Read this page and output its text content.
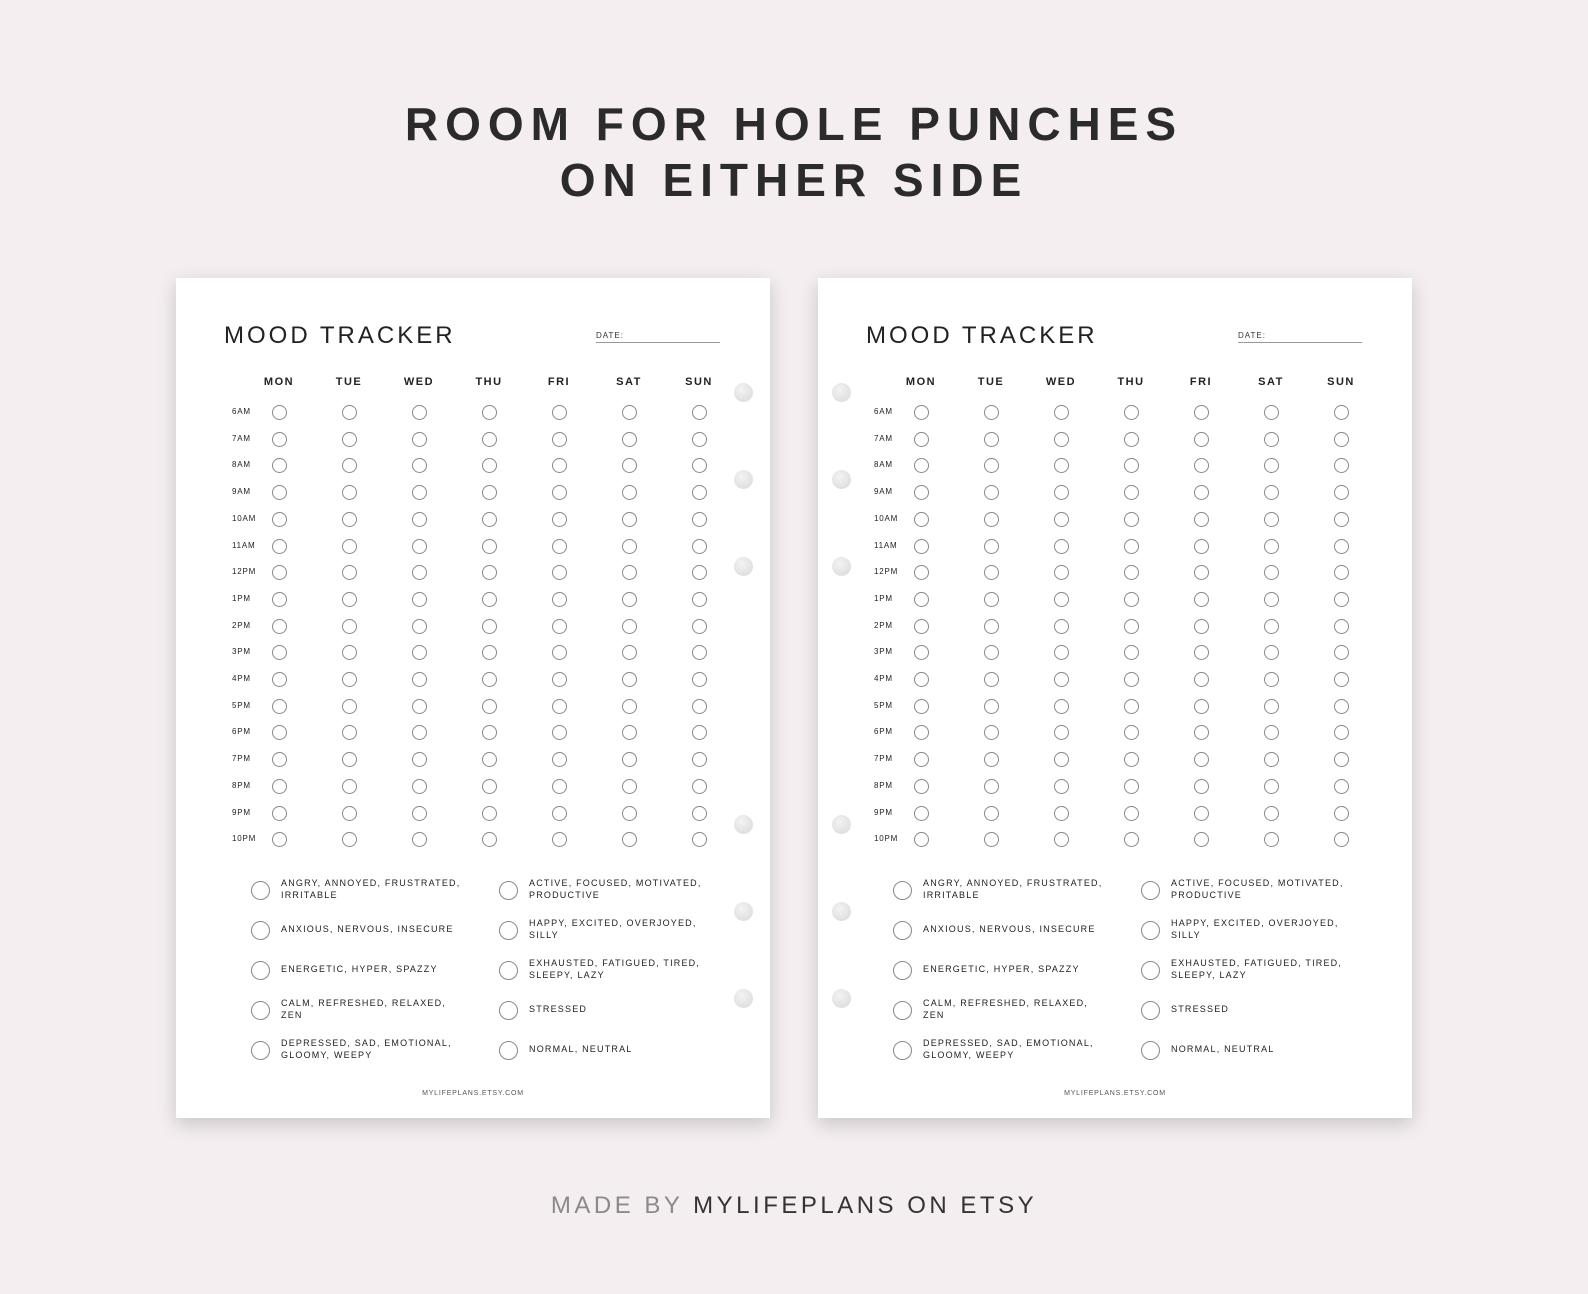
ROOM FOR HOLE PUNCHES
ON EITHER SIDE
MOOD TRACKER	DATE:
MON	TUE	WED	THU	FRI	SAT	SUN
6AM
7AM
8AM
9AM
10AM
11AM
12PM
1PM
2PM
3PM
4PM
5PM
6PM
7PM
8PM
9PM
10PM
ANGRY, ANNOYED, FRUSTRATED, IRRITABLE
ANXIOUS, NERVOUS, INSECURE
ENERGETIC, HYPER, SPAZZY
CALM, REFRESHED, RELAXED, ZEN
DEPRESSED, SAD, EMOTIONAL, GLOOMY, WEEPY
ACTIVE, FOCUSED, MOTIVATED, PRODUCTIVE
HAPPY, EXCITED, OVERJOYED, SILLY
EXHAUSTED, FATIGUED, TIRED, SLEEPY, LAZY
STRESSED
NORMAL, NEUTRAL
MYLIFEPLANS.ETSY.COM
MOOD TRACKER	DATE:
MON	TUE	WED	THU	FRI	SAT	SUN
6AM
7AM
8AM
9AM
10AM
11AM
12PM
1PM
2PM
3PM
4PM
5PM
6PM
7PM
8PM
9PM
10PM
ANGRY, ANNOYED, FRUSTRATED, IRRITABLE
ANXIOUS, NERVOUS, INSECURE
ENERGETIC, HYPER, SPAZZY
CALM, REFRESHED, RELAXED, ZEN
DEPRESSED, SAD, EMOTIONAL, GLOOMY, WEEPY
ACTIVE, FOCUSED, MOTIVATED, PRODUCTIVE
HAPPY, EXCITED, OVERJOYED, SILLY
EXHAUSTED, FATIGUED, TIRED, SLEEPY, LAZY
STRESSED
NORMAL, NEUTRAL
MYLIFEPLANS.ETSY.COM
MADE BY MYLIFEPLANS ON ETSY
